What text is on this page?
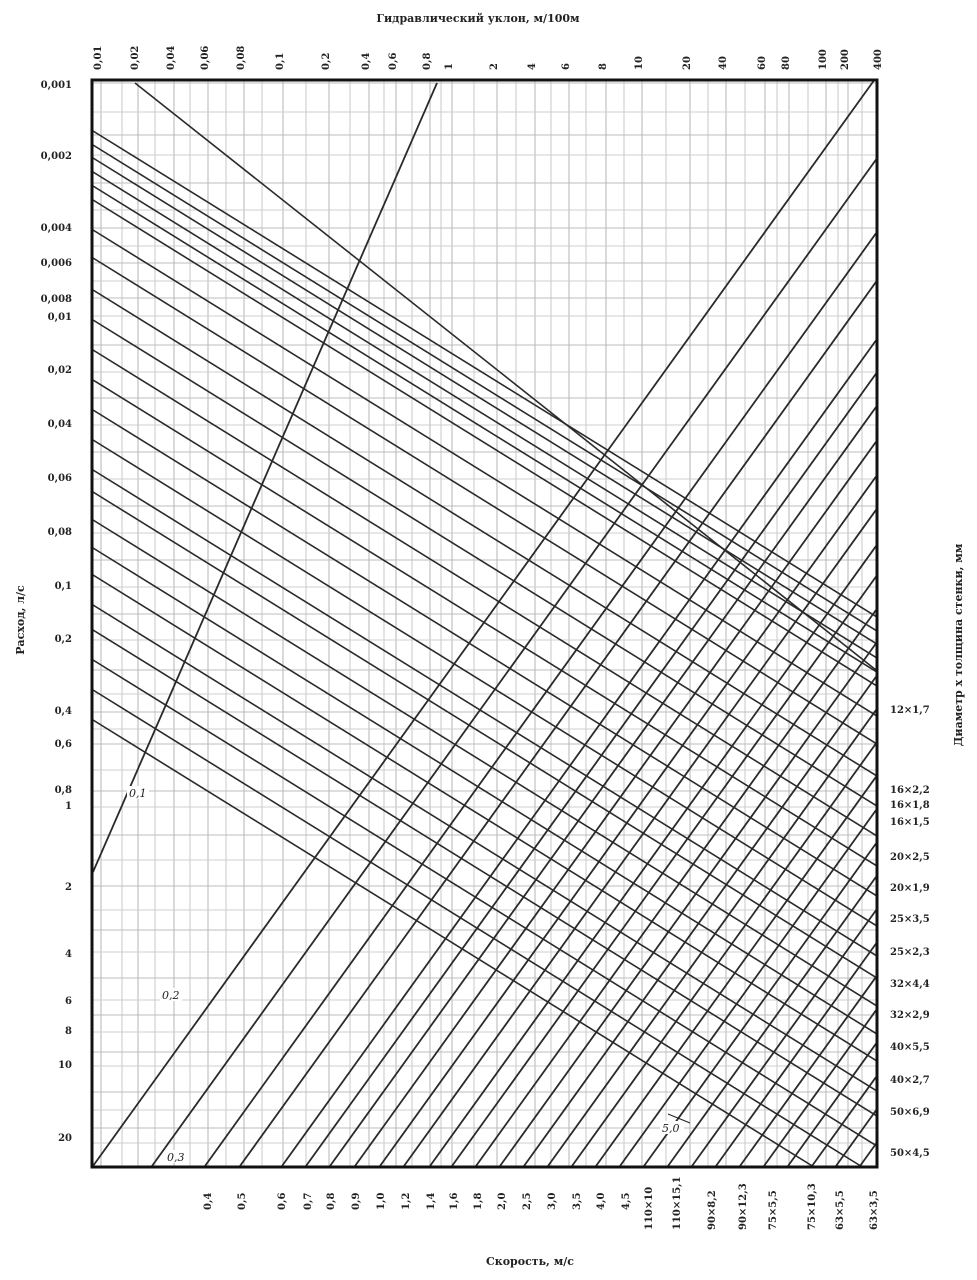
Гидравлический уклон, м/100м
Расход, л/с
Скорость, м/с
Диаметр х толщина стенки, мм
0,01	0,02	0,04 0,06	0,08	0,1	0,2	0,4 0,6 0,8 1	2	4 6	8	10	20	40	60 80	100 200 400
0,001
0,002
0,004
0,006
0,008
0,01
0,02
0,04
0,06
0,08
0,1
0,2
0,4
0,6
0,8
1
2
4
6
8
10
20
0,4 0,5	0,6 0,7 0,8 0,9 1,0 1,2 1,4 1,6 1,8 2,0 2,5 3,0 3,5 4,0 4,5 110×10 110×15,1 90×8,2 90×12,3 75×5,5	75×10,3 63×5,5 63×3,5
12×1,7
16×2,2
16×1,8
16×1,5
20×2,5
20×1,9
25×3,5
25×2,3
32×4,4
32×2,9
40×5,5
40×2,7
50×6,9
50×4,5
0,1
0,2
0,3
5,0
